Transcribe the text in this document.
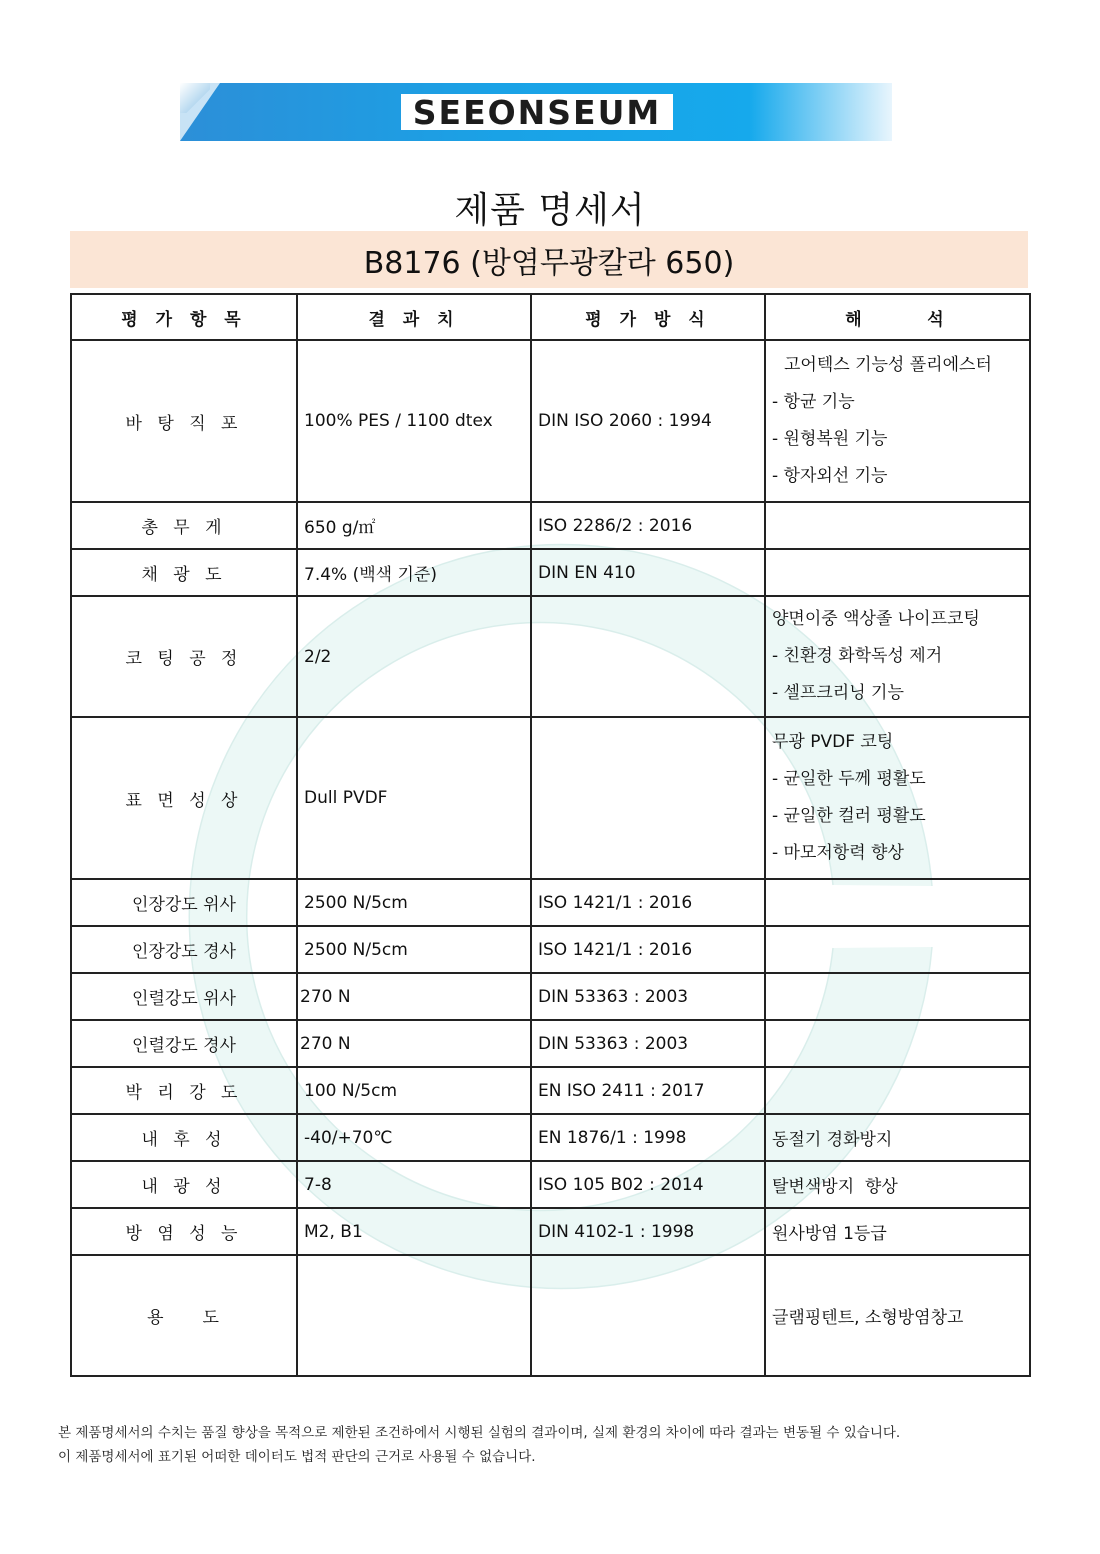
SEEONSEUM
제품 명세서
B8176 (방염무광칼라 650)
평 가 항 목	결 과 치	평 가 방 식	해     석
바 탕 직 포	100% PES / 1100 dtex	DIN ISO 2060 : 1994	고어텍스 기능성 폴리에스터
- 항균 기능
- 원형복원 기능
- 항자외선 기능

총 무 게	650 g/㎡	ISO 2286/2 : 2016	
채 광 도	7.4% (백색 기준)	DIN EN 410	
코 팅 공 정	2/2		양면이중 액상졸 나이프코팅
- 친환경 화학독성 제거
- 셀프크리닝 기능

표 면 성 상	Dull PVDF		무광 PVDF 코팅
- 균일한 두께 평활도
- 균일한 컬러 평활도
- 마모저항력 향상

인장강도 위사	2500 N/5cm	ISO 1421/1 : 2016	
인장강도 경사	2500 N/5cm	ISO 1421/1 : 2016	
인렬강도 위사	270 N	DIN 53363 : 2003	
인렬강도 경사	270 N	DIN 53363 : 2003	
박 리 강 도	100 N/5cm	EN ISO 2411 : 2017	
내 후 성	-40/+70℃	EN 1876/1 : 1998	동절기 경화방지
내 광 성	7-8	ISO 105 B02 : 2014	탈변색방지  향상
방 염 성 능	M2, B1	DIN 4102-1 : 1998	원사방염 1등급
용     도			글램핑텐트, 소형방염창고
본 제품명세서의 수치는 품질 향상을 목적으로 제한된 조건하에서 시행된 실험의 결과이며, 실제 환경의 차이에 따라 결과는 변동될 수 있습니다.
이 제품명세서에 표기된 어떠한 데이터도 법적 판단의 근거로 사용될 수 없습니다.
